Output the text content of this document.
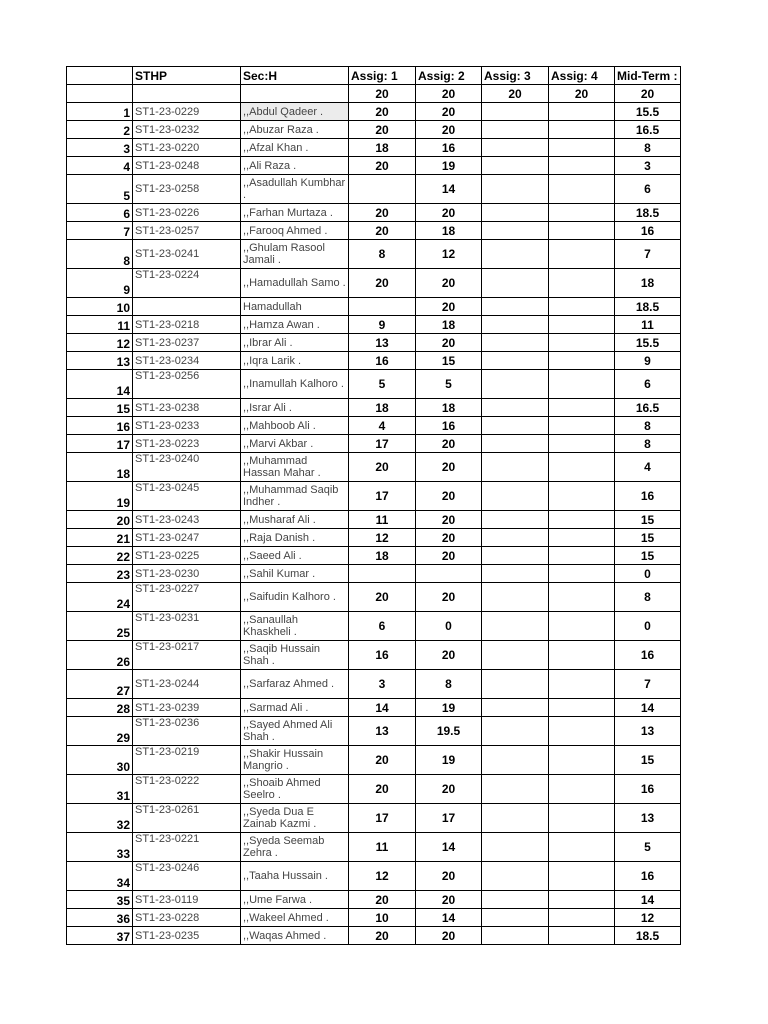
	STHP	Sec:H	Assig: 1	Assig: 2	Assig: 3	Assig: 4	Mid-Term :
			20	20	20	20	20
1	ST1-23-0229	,,Abdul Qadeer .	20	20			15.5
2	ST1-23-0232	,,Abuzar Raza .	20	20			16.5
3	ST1-23-0220	,,Afzal Khan .	18	16			8
4	ST1-23-0248	,,Ali Raza .	20	19			3
5	ST1-23-0258	,,Asadullah Kumbhar .		14			6
6	ST1-23-0226	,,Farhan Murtaza .	20	20			18.5
7	ST1-23-0257	,,Farooq Ahmed .	20	18			16
8	ST1-23-0241	,,Ghulam Rasool Jamali .	8	12			7
9	ST1-23-0224	,,Hamadullah Samo .	20	20			18
10		Hamadullah		20			18.5
11	ST1-23-0218	,,Hamza Awan .	9	18			11
12	ST1-23-0237	,,Ibrar Ali .	13	20			15.5
13	ST1-23-0234	,,Iqra Larik .	16	15			9
14	ST1-23-0256	,,Inamullah Kalhoro .	5	5			6
15	ST1-23-0238	,,Israr Ali .	18	18			16.5
16	ST1-23-0233	,,Mahboob Ali .	4	16			8
17	ST1-23-0223	,,Marvi Akbar .	17	20			8
18	ST1-23-0240	,,Muhammad Hassan Mahar .	20	20			4
19	ST1-23-0245	,,Muhammad Saqib Indher .	17	20			16
20	ST1-23-0243	,,Musharaf Ali .	11	20			15
21	ST1-23-0247	,,Raja Danish .	12	20			15
22	ST1-23-0225	,,Saeed Ali .	18	20			15
23	ST1-23-0230	,,Sahil Kumar .					0
24	ST1-23-0227	,,Saifudin Kalhoro .	20	20			8
25	ST1-23-0231	,,Sanaullah Khaskheli .	6	0			0
26	ST1-23-0217	,,Saqib Hussain Shah .	16	20			16
27	ST1-23-0244	,,Sarfaraz Ahmed .	3	8			7
28	ST1-23-0239	,,Sarmad Ali .	14	19			14
29	ST1-23-0236	,,Sayed Ahmed Ali Shah .	13	19.5			13
30	ST1-23-0219	,,Shakir Hussain Mangrio .	20	19			15
31	ST1-23-0222	,,Shoaib Ahmed Seelro .	20	20			16
32	ST1-23-0261	,,Syeda Dua E Zainab Kazmi .	17	17			13
33	ST1-23-0221	,,Syeda Seemab Zehra .	11	14			5
34	ST1-23-0246	,,Taaha Hussain .	12	20			16
35	ST1-23-0119	,,Ume Farwa .	20	20			14
36	ST1-23-0228	,,Wakeel Ahmed .	10	14			12
37	ST1-23-0235	,,Waqas Ahmed .	20	20			18.5
